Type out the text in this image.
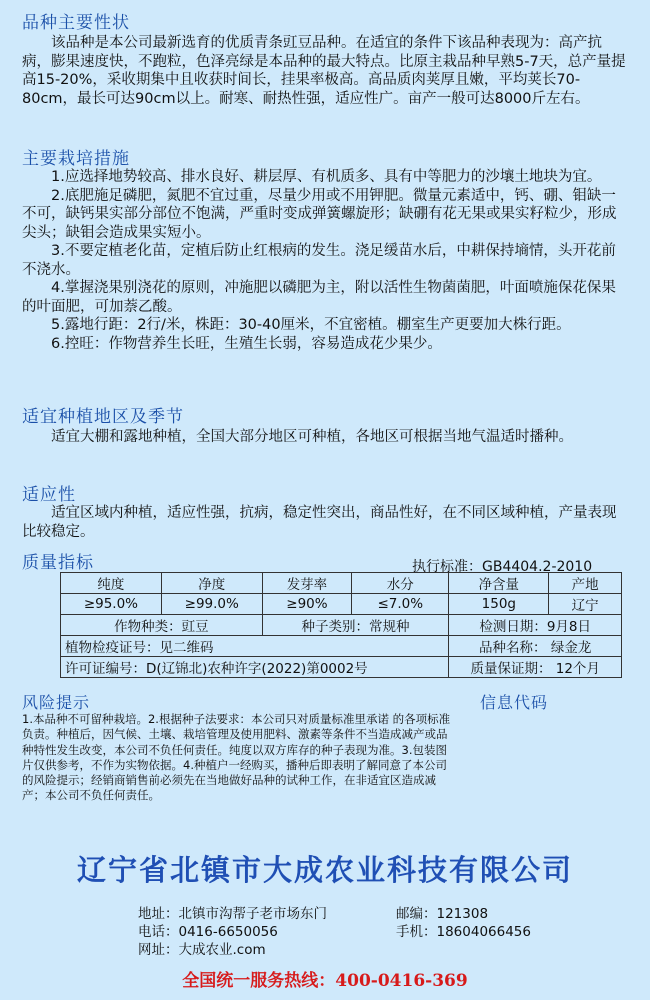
品种主要性状

该品种是本公司最新选育的优质青条豇豆品种。在适宜的条件下该品种表现为：高产抗病，膨果速度快，不跑粒，色泽亮绿是本品种的最大特点。比原主栽品种早熟5-7天，总产量提高15-20%，采收期集中且收获时间长，挂果率极高。高品质肉荚厚且嫩，平均荚长70-80cm，最长可达90cm以上。耐寒、耐热性强，适应性广。亩产一般可达8000斤左右。

主要栽培措施

1.应选择地势较高、排水良好、耕层厚、有机质多、具有中等肥力的沙壤土地块为宜。

2.底肥施足磷肥，氮肥不宜过重，尽量少用或不用钾肥。微量元素适中，钙、硼、钼缺一不可，缺钙果实部分部位不饱满，严重时变成弹簧螺旋形；缺硼有花无果或果实籽粒少，形成尖头；缺钼会造成果实短小。

3.不要定植老化苗，定植后防止红根病的发生。浇足缓苗水后，中耕保持墒情，头开花前不浇水。

4.掌握浇果别浇花的原则，冲施肥以磷肥为主，附以活性生物菌菌肥，叶面喷施保花保果的叶面肥，可加萘乙酸。

5.露地行距：2行/米，株距：30-40厘米，不宜密植。棚室生产更要加大株行距。

6.控旺：作物营养生长旺，生殖生长弱，容易造成花少果少。

适宜种植地区及季节

适宜大棚和露地种植，全国大部分地区可种植，各地区可根据当地气温适时播种。

适应性

适宜区域内种植，适应性强，抗病，稳定性突出，商品性好，在不同区域种植，产量表现比较稳定。

质量指标	执行标准：GB4404.2-2010
纯度	净度	发芽率	水分	净含量	产地
≥95.0%	≥99.0%	≥90%	≤7.0%	150g	辽宁
作物种类：豇豆		种子类别：常规种		检测日期：9月8日	
植物检疫证号：见二维码				品种名称： 绿金龙	
许可证编号：D(辽锦北)农种许字(2022)第0002号				质量保证期： 12个月	
风险提示	信息代码

1.本品种不可留种栽培。2.根据种子法要求：本公司只对质量标准里承诺 的各项标准负责。种植后，因气候、土壤、栽培管理及使用肥料、激素等条件不当造成减产或品种特性发生改变，本公司不负任何责任。纯度以双方库存的种子表现为准。3.包装图片仅供参考，不作为实物依据。4.种植户一经购买，播种后即表明了解同意了本公司的风险提示；经销商销售前必须先在当地做好品种的试种工作，在非适宜区造成减产；本公司不负任何责任。

辽宁省北镇市大成农业科技有限公司
地址：北镇市沟帮子老市场东门	邮编：121308
电话：0416-6650056	手机：18604066456
网址：大成农业.com
全国统一服务热线：400-0416-369
